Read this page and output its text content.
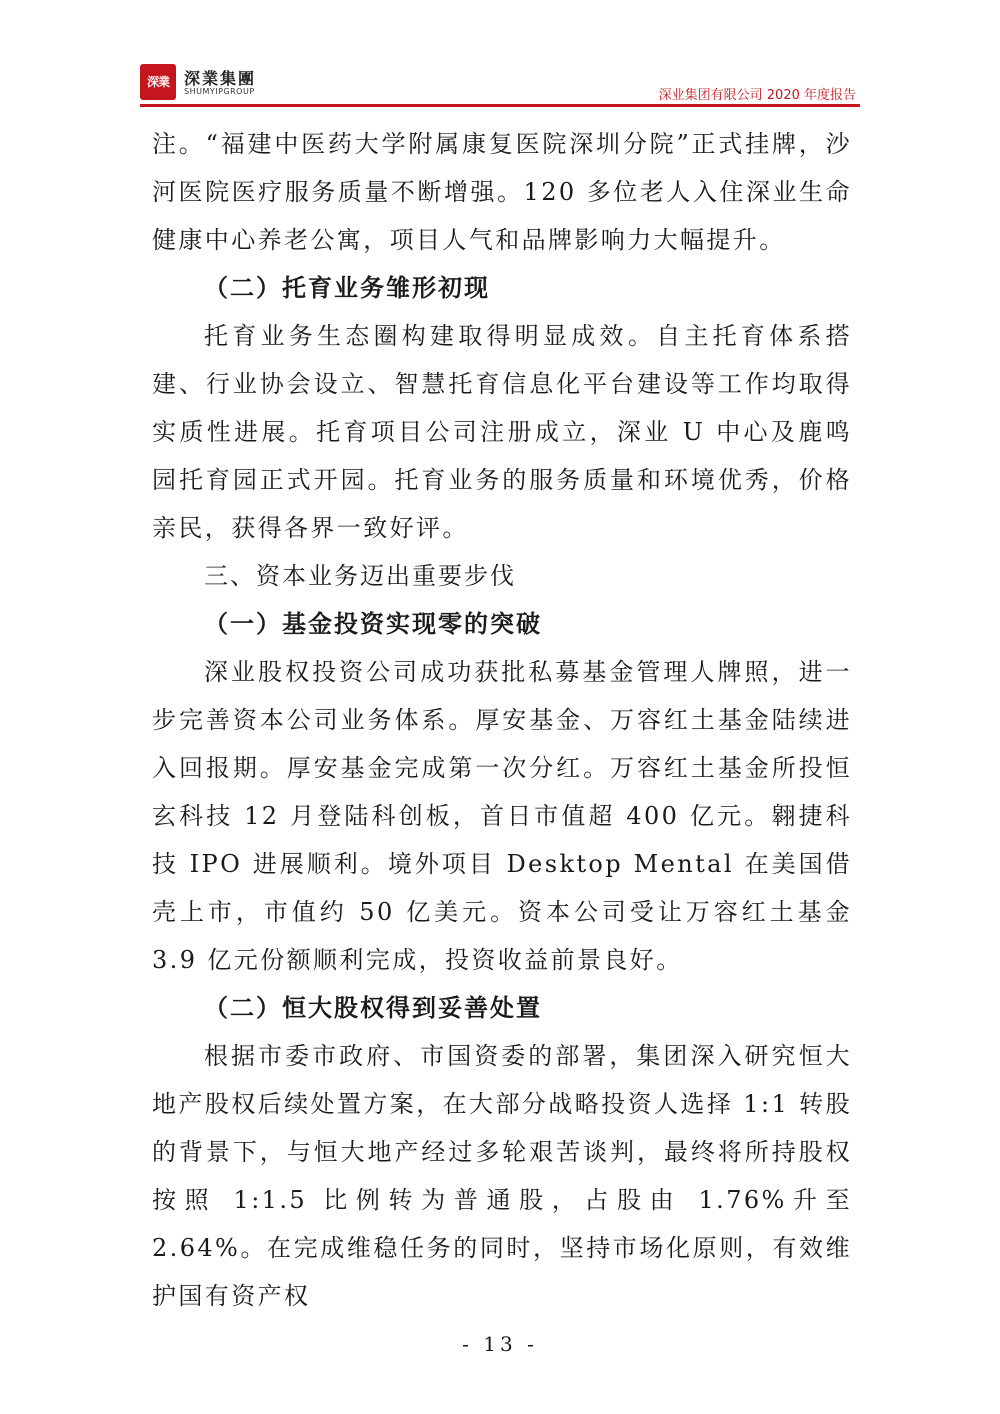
深業 深業集團
SHUMYIPGROUP	深业集团有限公司 2020 年度报告

注。“福建中医药大学附属康复医院深圳分院”正式挂牌，沙河医院医疗服务质量不断增强。120 多位老人入住深业生命健康中心养老公寓，项目人气和品牌影响力大幅提升。

（二）托育业务雏形初现

托育业务生态圈构建取得明显成效。自主托育体系搭建、行业协会设立、智慧托育信息化平台建设等工作均取得实质性进展。托育项目公司注册成立，深业 U 中心及鹿鸣园托育园正式开园。托育业务的服务质量和环境优秀，价格亲民，获得各界一致好评。

三、资本业务迈出重要步伐

（一）基金投资实现零的突破

深业股权投资公司成功获批私募基金管理人牌照，进一步完善资本公司业务体系。厚安基金、万容红土基金陆续进入回报期。厚安基金完成第一次分红。万容红土基金所投恒玄科技 12 月登陆科创板，首日市值超 400 亿元。翱捷科技 IPO 进展顺利。境外项目 Desktop Mental 在美国借壳上市，市值约 50 亿美元。资本公司受让万容红土基金 3.9 亿元份额顺利完成，投资收益前景良好。

（二）恒大股权得到妥善处置

根据市委市政府、市国资委的部署，集团深入研究恒大地产股权后续处置方案，在大部分战略投资人选择 1:1 转股的背景下，与恒大地产经过多轮艰苦谈判，最终将所持股权按照 1:1.5 比例转为普通股，占股由 1.76%升至 2.64%。在完成维稳任务的同时，坚持市场化原则，有效维护国有资产权

- 13 -
